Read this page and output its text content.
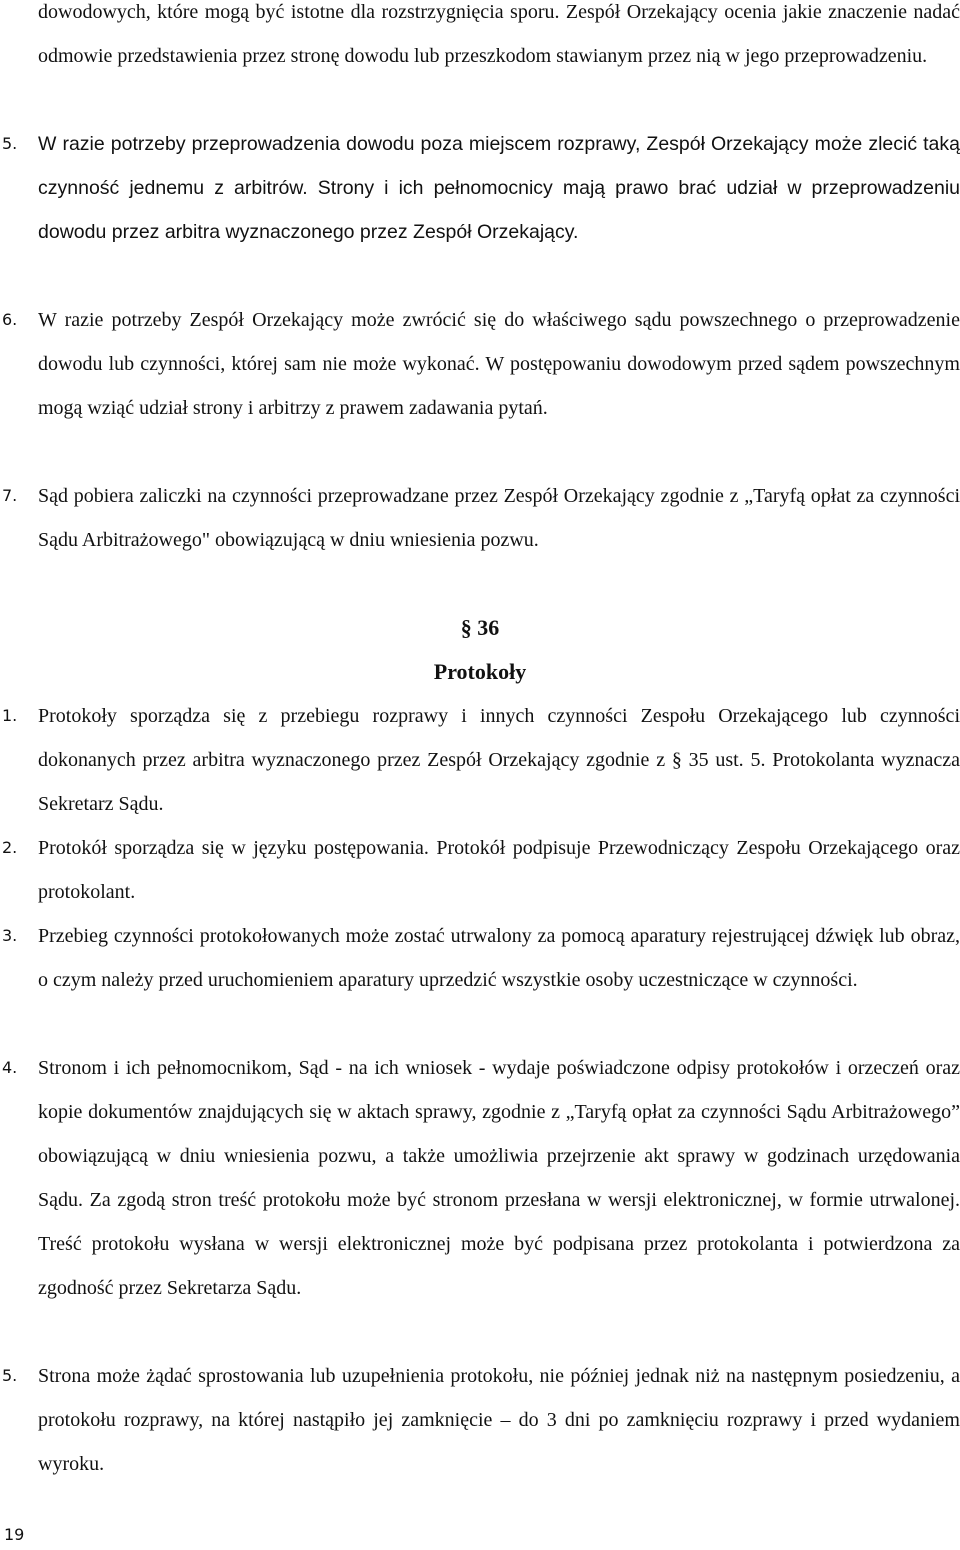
dowodowych, które mogą być istotne dla rozstrzygnięcia sporu. Zespół Orzekający ocenia jakie znaczenie nadać odmowie przedstawienia przez stronę dowodu lub przeszkodom stawianym przez nią w jego przeprowadzeniu.
5. W razie potrzeby przeprowadzenia dowodu poza miejscem rozprawy, Zespół Orzekający może zlecić taką czynność jednemu z arbitrów. Strony i ich pełnomocnicy mają prawo brać udział w przeprowadzeniu dowodu przez arbitra wyznaczonego przez Zespół Orzekający.
6. W razie potrzeby Zespół Orzekający może zwrócić się do właściwego sądu powszechnego o przeprowadzenie dowodu lub czynności, której sam nie może wykonać. W postępowaniu dowodowym przed sądem powszechnym mogą wziąć udział strony i arbitrzy z prawem zadawania pytań.
7. Sąd pobiera zaliczki na czynności przeprowadzane przez Zespół Orzekający zgodnie z „Taryfą opłat za czynności Sądu Arbitrażowego" obowiązującą w dniu wniesienia pozwu.
§ 36
Protokoły
1. Protokoły sporządza się z przebiegu rozprawy i innych czynności Zespołu Orzekającego lub czynności dokonanych przez arbitra wyznaczonego przez Zespół Orzekający zgodnie z § 35 ust. 5. Protokolanta wyznacza Sekretarz Sądu.
2. Protokół sporządza się w języku postępowania. Protokół podpisuje Przewodniczący Zespołu Orzekającego oraz protokolant.
3. Przebieg czynności protokołowanych może zostać utrwalony za pomocą aparatury rejestrującej dźwięk lub obraz, o czym należy przed uruchomieniem aparatury uprzedzić wszystkie osoby uczestniczące w czynności.
4. Stronom i ich pełnomocnikom, Sąd - na ich wniosek - wydaje poświadczone odpisy protokołów i orzeczeń oraz kopie dokumentów znajdujących się w aktach sprawy, zgodnie z „Taryfą opłat za czynności Sądu Arbitrażowego” obowiązującą w dniu wniesienia pozwu, a także umożliwia przejrzenie akt sprawy w godzinach urzędowania Sądu. Za zgodą stron treść protokołu może być stronom przesłana w wersji elektronicznej, w formie utrwalonej. Treść protokołu wysłana w wersji elektronicznej może być podpisana przez protokolanta i potwierdzona za zgodność przez Sekretarza Sądu.
5. Strona może żądać sprostowania lub uzupełnienia protokołu, nie później jednak niż na następnym posiedzeniu, a protokołu rozprawy, na której nastąpiło jej zamknięcie – do 3 dni po zamknięciu rozprawy i przed wydaniem wyroku.
19
